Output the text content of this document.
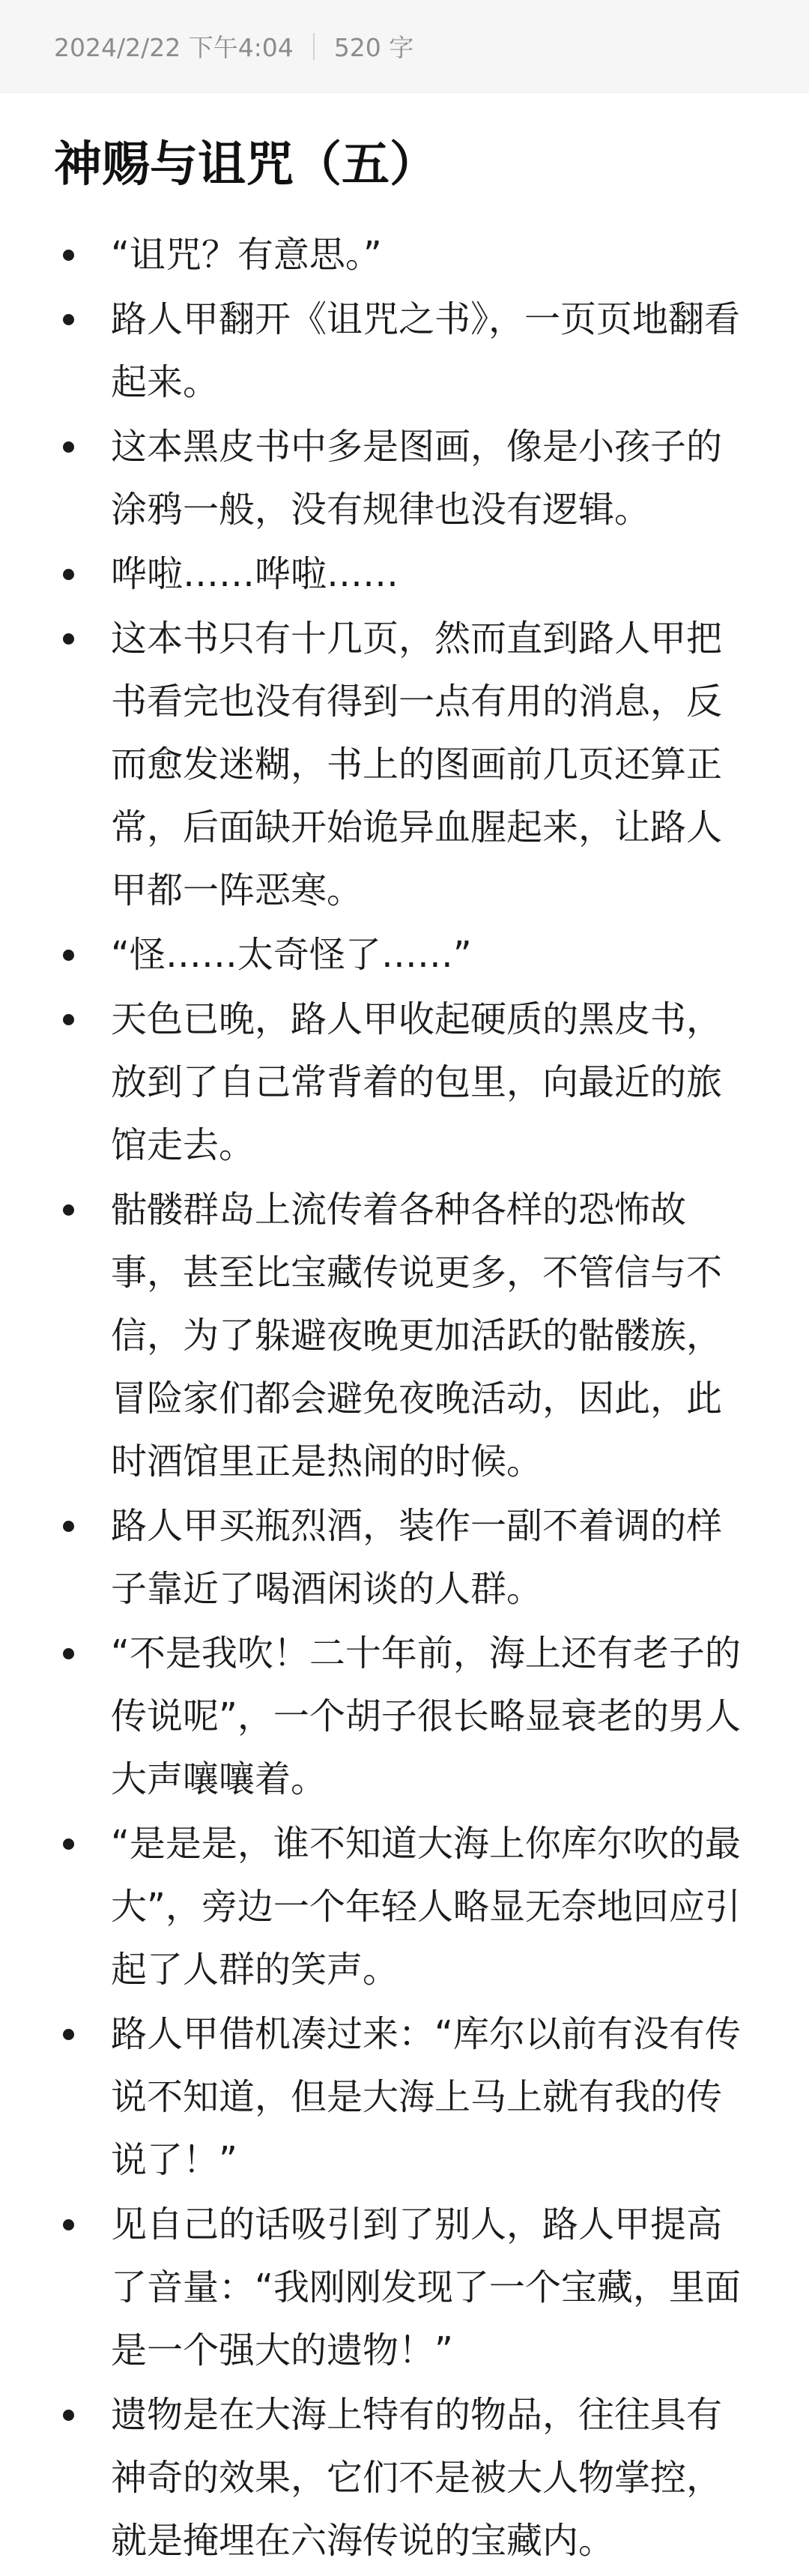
2024/2/22 下午4:04 520 字
神赐与诅咒（五）
“诅咒？有意思。”
路人甲翻开《诅咒之书》，一页页地翻看起来。
这本黑皮书中多是图画，像是小孩子的涂鸦一般，没有规律也没有逻辑。
哗啦……哗啦……
这本书只有十几页，然而直到路人甲把书看完也没有得到一点有用的消息，反而愈发迷糊，书上的图画前几页还算正常，后面缺开始诡异血腥起来，让路人甲都一阵恶寒。
“怪……太奇怪了……”
天色已晚，路人甲收起硬质的黑皮书，放到了自己常背着的包里，向最近的旅馆走去。
骷髅群岛上流传着各种各样的恐怖故事，甚至比宝藏传说更多，不管信与不信，为了躲避夜晚更加活跃的骷髅族，冒险家们都会避免夜晚活动，因此，此时酒馆里正是热闹的时候。
路人甲买瓶烈酒，装作一副不着调的样子靠近了喝酒闲谈的人群。
“不是我吹！二十年前，海上还有老子的传说呢”，一个胡子很长略显衰老的男人大声嚷嚷着。
“是是是，谁不知道大海上你库尔吹的最大”，旁边一个年轻人略显无奈地回应引起了人群的笑声。
路人甲借机凑过来：“库尔以前有没有传说不知道，但是大海上马上就有我的传说了！”
见自己的话吸引到了别人，路人甲提高了音量：“我刚刚发现了一个宝藏，里面是一个强大的遗物！”
遗物是在大海上特有的物品，往往具有神奇的效果，它们不是被大人物掌控，就是掩埋在六海传说的宝藏内。
